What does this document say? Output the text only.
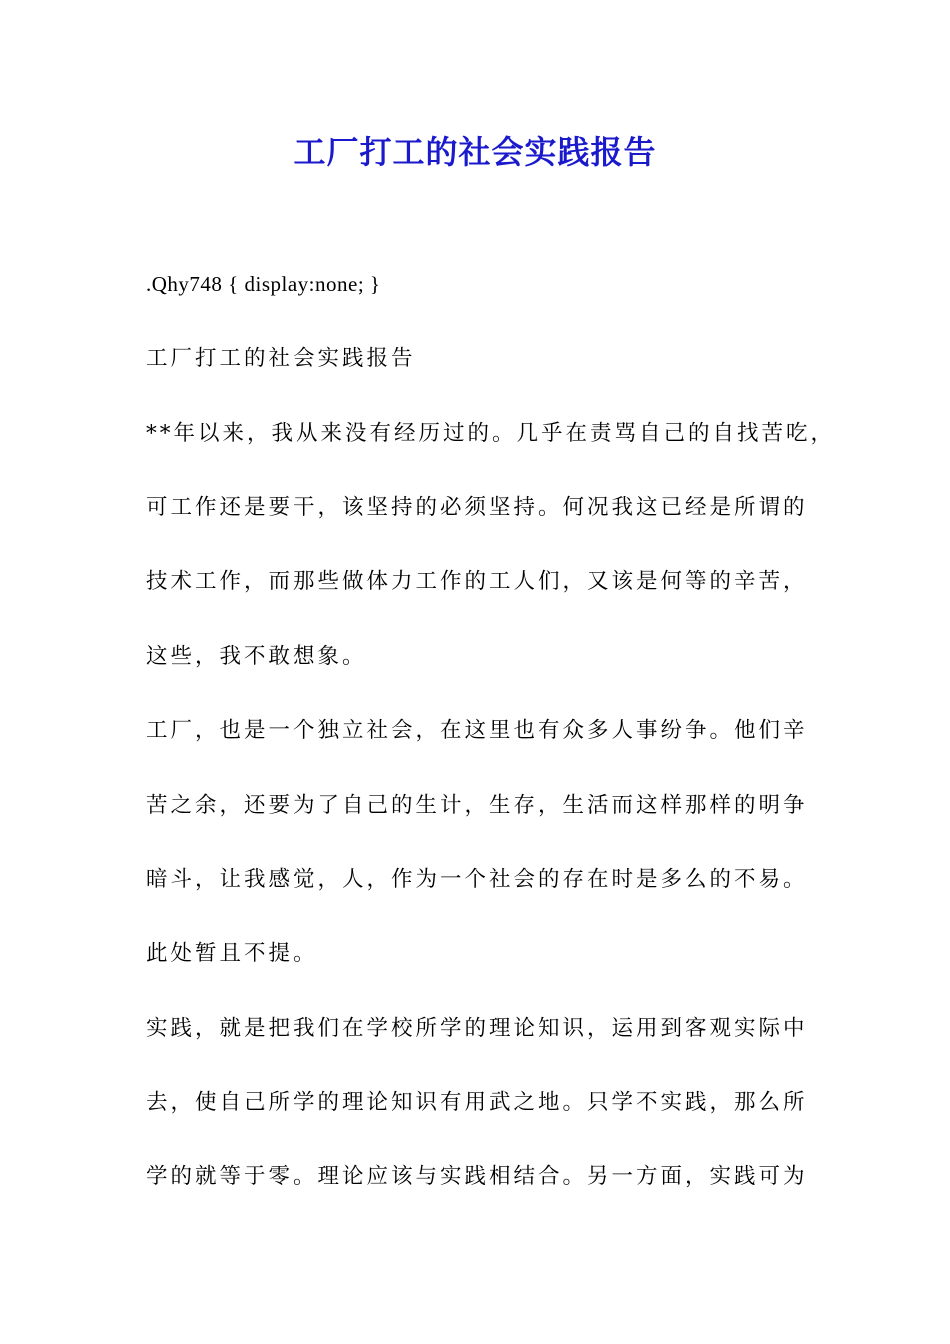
工厂打工的社会实践报告
.Qhy748 { display:none; }
工厂打工的社会实践报告
**年以来，我从来没有经历过的。几乎在责骂自己的自找苦吃，
可工作还是要干，该坚持的必须坚持。何况我这已经是所谓的
技术工作，而那些做体力工作的工人们，又该是何等的辛苦，
这些，我不敢想象。
工厂，也是一个独立社会，在这里也有众多人事纷争。他们辛
苦之余，还要为了自己的生计，生存，生活而这样那样的明争
暗斗，让我感觉，人，作为一个社会的存在时是多么的不易。
此处暂且不提。
实践，就是把我们在学校所学的理论知识，运用到客观实际中
去，使自己所学的理论知识有用武之地。只学不实践，那么所
学的就等于零。理论应该与实践相结合。另一方面，实践可为
